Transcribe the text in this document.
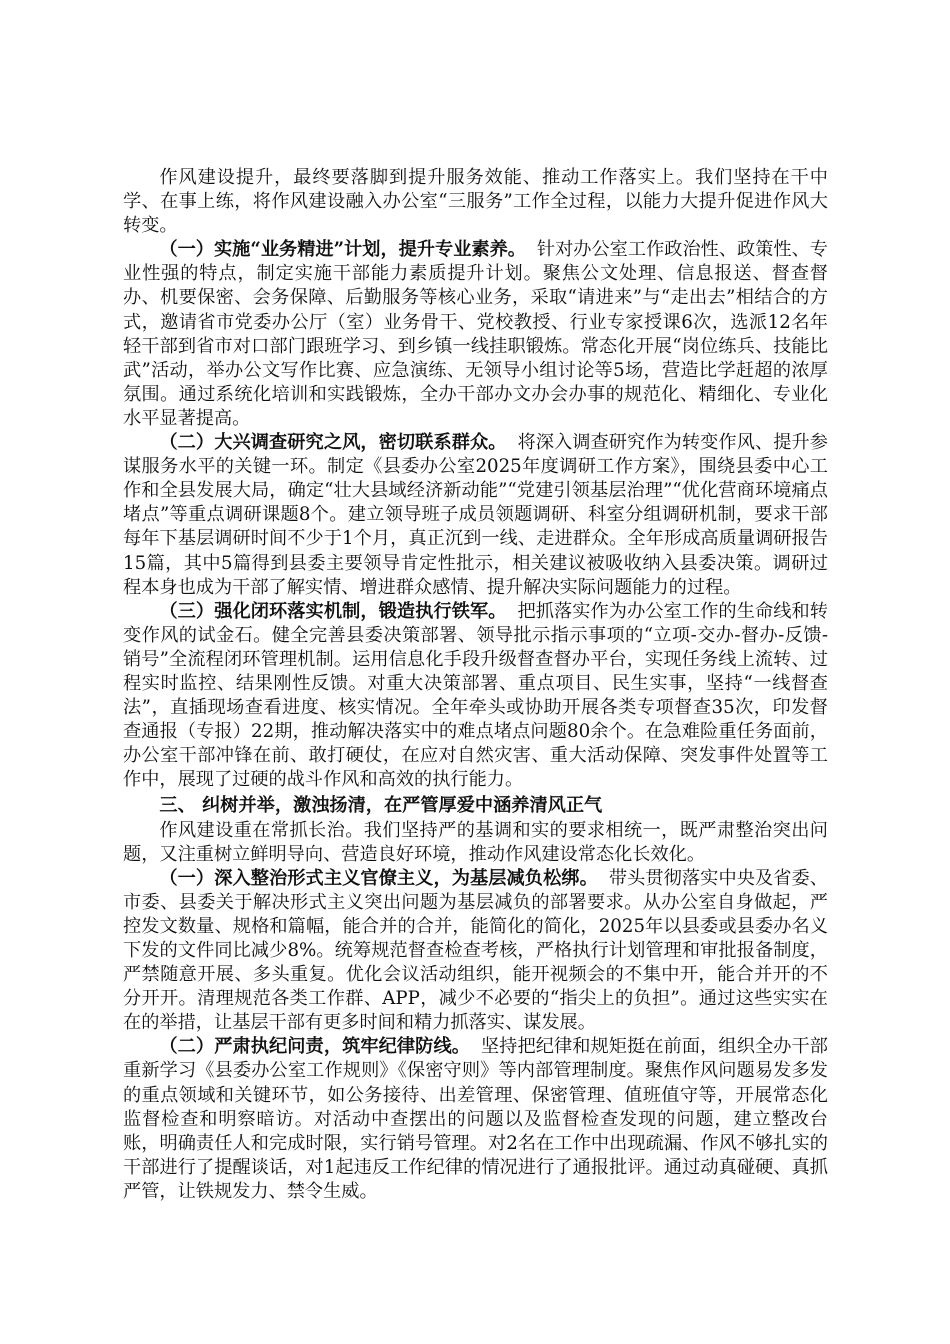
作风建设提升，最终要落脚到提升服务效能、推动工作落实上。我们坚持在干中学、在事上练，将作风建设融入办公室“三服务”工作全过程，以能力大提升促进作风大转变。

（一）实施“业务精进”计划，提升专业素养。 针对办公室工作政治性、政策性、专业性强的特点，制定实施干部能力素质提升计划。聚焦公文处理、信息报送、督查督办、机要保密、会务保障、后勤服务等核心业务，采取“请进来”与“走出去”相结合的方式，邀请省市党委办公厅（室）业务骨干、党校教授、行业专家授课6次，选派12名年轻干部到省市对口部门跟班学习、到乡镇一线挂职锻炼。常态化开展“岗位练兵、技能比武”活动，举办公文写作比赛、应急演练、无领导小组讨论等5场，营造比学赶超的浓厚氛围。通过系统化培训和实践锻炼，全办干部办文办会办事的规范化、精细化、专业化水平显著提高。

（二）大兴调查研究之风，密切联系群众。 将深入调查研究作为转变作风、提升参谋服务水平的关键一环。制定《县委办公室2025年度调研工作方案》，围绕县委中心工作和全县发展大局，确定“壮大县域经济新动能”“党建引领基层治理”“优化营商环境痛点堵点”等重点调研课题8个。建立领导班子成员领题调研、科室分组调研机制，要求干部每年下基层调研时间不少于1个月，真正沉到一线、走进群众。全年形成高质量调研报告15篇，其中5篇得到县委主要领导肯定性批示，相关建议被吸收纳入县委决策。调研过程本身也成为干部了解实情、增进群众感情、提升解决实际问题能力的过程。

（三）强化闭环落实机制，锻造执行铁军。 把抓落实作为办公室工作的生命线和转变作风的试金石。健全完善县委决策部署、领导批示指示事项的“立项-交办-督办-反馈-销号”全流程闭环管理机制。运用信息化手段升级督查督办平台，实现任务线上流转、过程实时监控、结果刚性反馈。对重大决策部署、重点项目、民生实事，坚持“一线督查法”，直插现场查看进度、核实情况。全年牵头或协助开展各类专项督查35次，印发督查通报（专报）22期，推动解决落实中的难点堵点问题80余个。在急难险重任务面前，办公室干部冲锋在前、敢打硬仗，在应对自然灾害、重大活动保障、突发事件处置等工作中，展现了过硬的战斗作风和高效的执行能力。

三、 纠树并举，激浊扬清，在严管厚爱中涵养清风正气

作风建设重在常抓长治。我们坚持严的基调和实的要求相统一，既严肃整治突出问题，又注重树立鲜明导向、营造良好环境，推动作风建设常态化长效化。

（一）深入整治形式主义官僚主义，为基层减负松绑。 带头贯彻落实中央及省委、市委、县委关于解决形式主义突出问题为基层减负的部署要求。从办公室自身做起，严控发文数量、规格和篇幅，能合并的合并，能简化的简化，2025年以县委或县委办名义下发的文件同比减少8%。统筹规范督查检查考核，严格执行计划管理和审批报备制度，严禁随意开展、多头重复。优化会议活动组织，能开视频会的不集中开，能合并开的不分开开。清理规范各类工作群、APP，减少不必要的“指尖上的负担”。通过这些实实在在的举措，让基层干部有更多时间和精力抓落实、谋发展。

（二）严肃执纪问责，筑牢纪律防线。 坚持把纪律和规矩挺在前面，组织全办干部重新学习《县委办公室工作规则》《保密守则》等内部管理制度。聚焦作风问题易发多发的重点领域和关键环节，如公务接待、出差管理、保密管理、值班值守等，开展常态化监督检查和明察暗访。对活动中查摆出的问题以及监督检查发现的问题，建立整改台账，明确责任人和完成时限，实行销号管理。对2名在工作中出现疏漏、作风不够扎实的干部进行了提醒谈话，对1起违反工作纪律的情况进行了通报批评。通过动真碰硬、真抓严管，让铁规发力、禁令生威。
